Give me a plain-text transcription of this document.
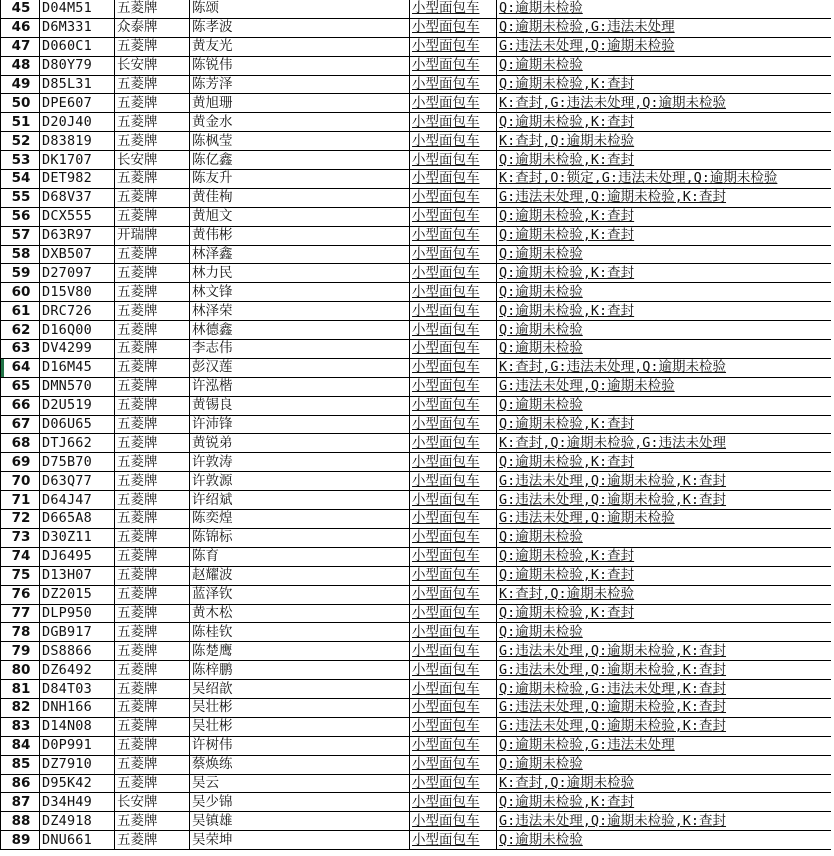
45	D04M51	五菱牌	陈颂	小型面包车	Q:逾期未检验
46	D6M331	众泰牌	陈孝波	小型面包车	Q:逾期未检验,G:违法未处理
47	D060C1	五菱牌	黄友光	小型面包车	G:违法未处理,Q:逾期未检验
48	D80Y79	长安牌	陈锐伟	小型面包车	Q:逾期未检验
49	D85L31	五菱牌	陈芳泽	小型面包车	Q:逾期未检验,K:查封
50	DPE607	五菱牌	黄旭珊	小型面包车	K:查封,G:违法未处理,Q:逾期未检验
51	D20J40	五菱牌	黄金水	小型面包车	Q:逾期未检验,K:查封
52	D83819	五菱牌	陈枫莹	小型面包车	K:查封,Q:逾期未检验
53	DK1707	长安牌	陈亿鑫	小型面包车	Q:逾期未检验,K:查封
54	DET982	五菱牌	陈友升	小型面包车	K:查封,O:锁定,G:违法未处理,Q:逾期未检验
55	D68V37	五菱牌	黄佳栒	小型面包车	G:违法未处理,Q:逾期未检验,K:查封
56	DCX555	五菱牌	黄旭文	小型面包车	Q:逾期未检验,K:查封
57	D63R97	开瑞牌	黄伟彬	小型面包车	Q:逾期未检验,K:查封
58	DXB507	五菱牌	林泽鑫	小型面包车	Q:逾期未检验
59	D27097	五菱牌	林力民	小型面包车	Q:逾期未检验,K:查封
60	D15V80	五菱牌	林文锋	小型面包车	Q:逾期未检验
61	DRC726	五菱牌	林泽荣	小型面包车	Q:逾期未检验,K:查封
62	D16Q00	五菱牌	林德鑫	小型面包车	Q:逾期未检验
63	DV4299	五菱牌	李志伟	小型面包车	Q:逾期未检验
64	D16M45	五菱牌	彭汉莲	小型面包车	K:查封,G:违法未处理,Q:逾期未检验
65	DMN570	五菱牌	许泓楷	小型面包车	G:违法未处理,Q:逾期未检验
66	D2U519	五菱牌	黄锡良	小型面包车	Q:逾期未检验
67	D06U65	五菱牌	许沛锋	小型面包车	Q:逾期未检验,K:查封
68	DTJ662	五菱牌	黄锐弟	小型面包车	K:查封,Q:逾期未检验,G:违法未处理
69	D75B70	五菱牌	许敦涛	小型面包车	Q:逾期未检验,K:查封
70	D63Q77	五菱牌	许敦源	小型面包车	G:违法未处理,Q:逾期未检验,K:查封
71	D64J47	五菱牌	许绍斌	小型面包车	G:违法未处理,Q:逾期未检验,K:查封
72	D665A8	五菱牌	陈奕煌	小型面包车	G:违法未处理,Q:逾期未检验
73	D30Z11	五菱牌	陈锦标	小型面包车	Q:逾期未检验
74	DJ6495	五菱牌	陈育	小型面包车	Q:逾期未检验,K:查封
75	D13H07	五菱牌	赵耀波	小型面包车	Q:逾期未检验,K:查封
76	DZ2015	五菱牌	蓝泽钦	小型面包车	K:查封,Q:逾期未检验
77	DLP950	五菱牌	黄木松	小型面包车	Q:逾期未检验,K:查封
78	DGB917	五菱牌	陈桂钦	小型面包车	Q:逾期未检验
79	DS8866	五菱牌	陈楚鹰	小型面包车	G:违法未处理,Q:逾期未检验,K:查封
80	DZ6492	五菱牌	陈梓鹏	小型面包车	G:违法未处理,Q:逾期未检验,K:查封
81	D84T03	五菱牌	吴绍歆	小型面包车	Q:逾期未检验,G:违法未处理,K:查封
82	DNH166	五菱牌	吴壮彬	小型面包车	G:违法未处理,Q:逾期未检验,K:查封
83	D14N08	五菱牌	吴壮彬	小型面包车	G:违法未处理,Q:逾期未检验,K:查封
84	D0P991	五菱牌	许树伟	小型面包车	Q:逾期未检验,G:违法未处理
85	DZ7910	五菱牌	蔡焕练	小型面包车	Q:逾期未检验
86	D95K42	五菱牌	吴云	小型面包车	K:查封,Q:逾期未检验
87	D34H49	长安牌	吴少锦	小型面包车	Q:逾期未检验,K:查封
88	DZ4918	五菱牌	吴镇雄	小型面包车	G:违法未处理,Q:逾期未检验,K:查封
89	DNU661	五菱牌	吴荣坤	小型面包车	Q:逾期未检验
